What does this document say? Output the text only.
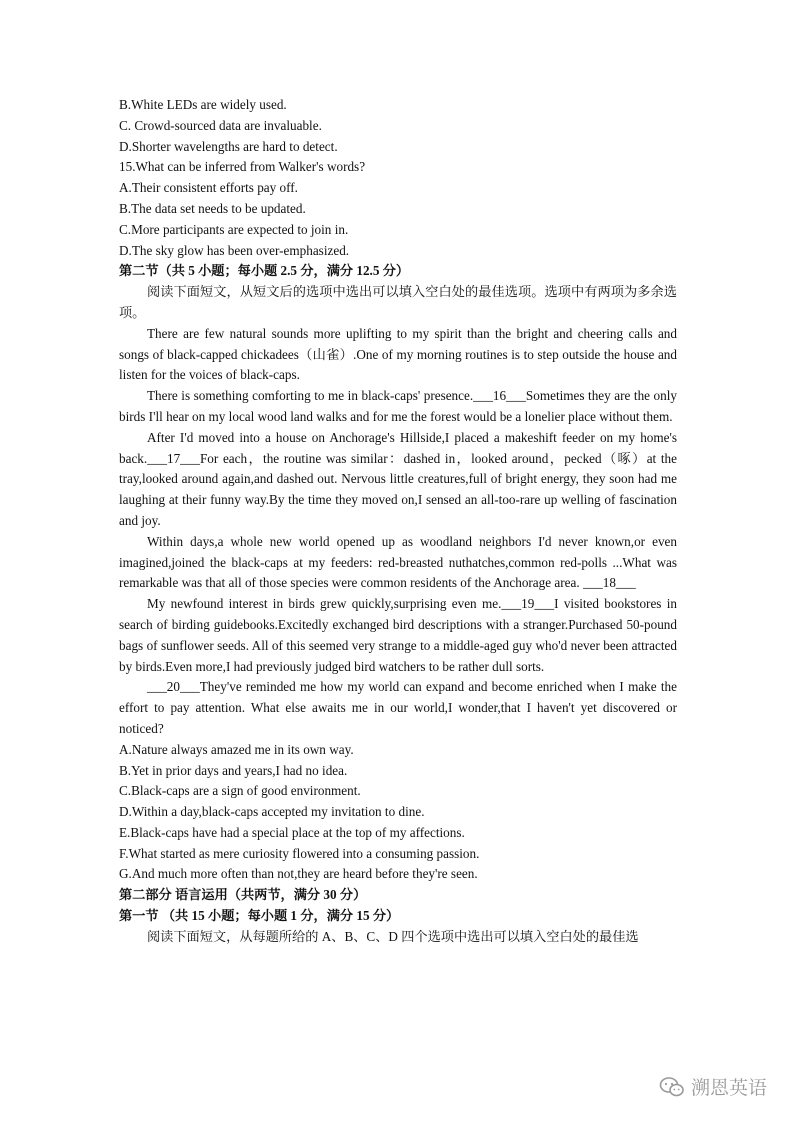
B.White LEDs are widely used.
C. Crowd-sourced data are invaluable.
D.Shorter wavelengths are hard to detect.
15.What can be inferred from Walker's words?
A.Their consistent efforts pay off.
B.The data set needs to be updated.
C.More participants are expected to join in.
D.The sky glow has been over-emphasized.
第二节（共 5 小题；每小题 2.5 分，满分 12.5 分）
阅读下面短文，从短文后的选项中选出可以填入空白处的最佳选项。选项中有两项为多余选项。
There are few natural sounds more uplifting to my spirit than the bright and cheering calls and songs of black-capped chickadees（山雀）.One of my morning routines is to step outside the house and listen for the voices of black-caps.
There is something comforting to me in black-caps' presence.___16___Sometimes they are the only birds I'll hear on my local wood land walks and for me the forest would be a lonelier place without them.
After I'd moved into a house on Anchorage's Hillside,I placed a makeshift feeder on my home's back.___17___For each，the routine was similar：dashed in，looked around，pecked（啄）at the tray,looked around again,and dashed out. Nervous little creatures,full of bright energy, they soon had me laughing at their funny way.By the time they moved on,I sensed an all-too-rare up welling of fascination and joy.
Within days,a whole new world opened up as woodland neighbors I'd never known,or even imagined,joined the black-caps at my feeders: red-breasted nuthatches,common red-polls ...What was remarkable was that all of those species were common residents of the Anchorage area. ___18___
My newfound interest in birds grew quickly,surprising even me.___19___I visited bookstores in search of birding guidebooks.Excitedly exchanged bird descriptions with a stranger.Purchased 50-pound bags of sunflower seeds. All of this seemed very strange to a middle-aged guy who'd never been attracted by birds.Even more,I had previously judged bird watchers to be rather dull sorts.
___20___They've reminded me how my world can expand and become enriched when I make the effort to pay attention. What else awaits me in our world,I wonder,that I haven't yet discovered or noticed?
A.Nature always amazed me in its own way.
B.Yet in prior days and years,I had no idea.
C.Black-caps are a sign of good environment.
D.Within a day,black-caps accepted my invitation to dine.
E.Black-caps have had a special place at the top of my affections.
F.What started as mere curiosity flowered into a consuming passion.
G.And much more often than not,they are heard before they're seen.
第二部分 语言运用（共两节，满分 30 分）
第一节 （共 15 小题；每小题 1 分，满分 15 分）
阅读下面短文，从每题所给的 A、B、C、D 四个选项中选出可以填入空白处的最佳选
溯恩英语
